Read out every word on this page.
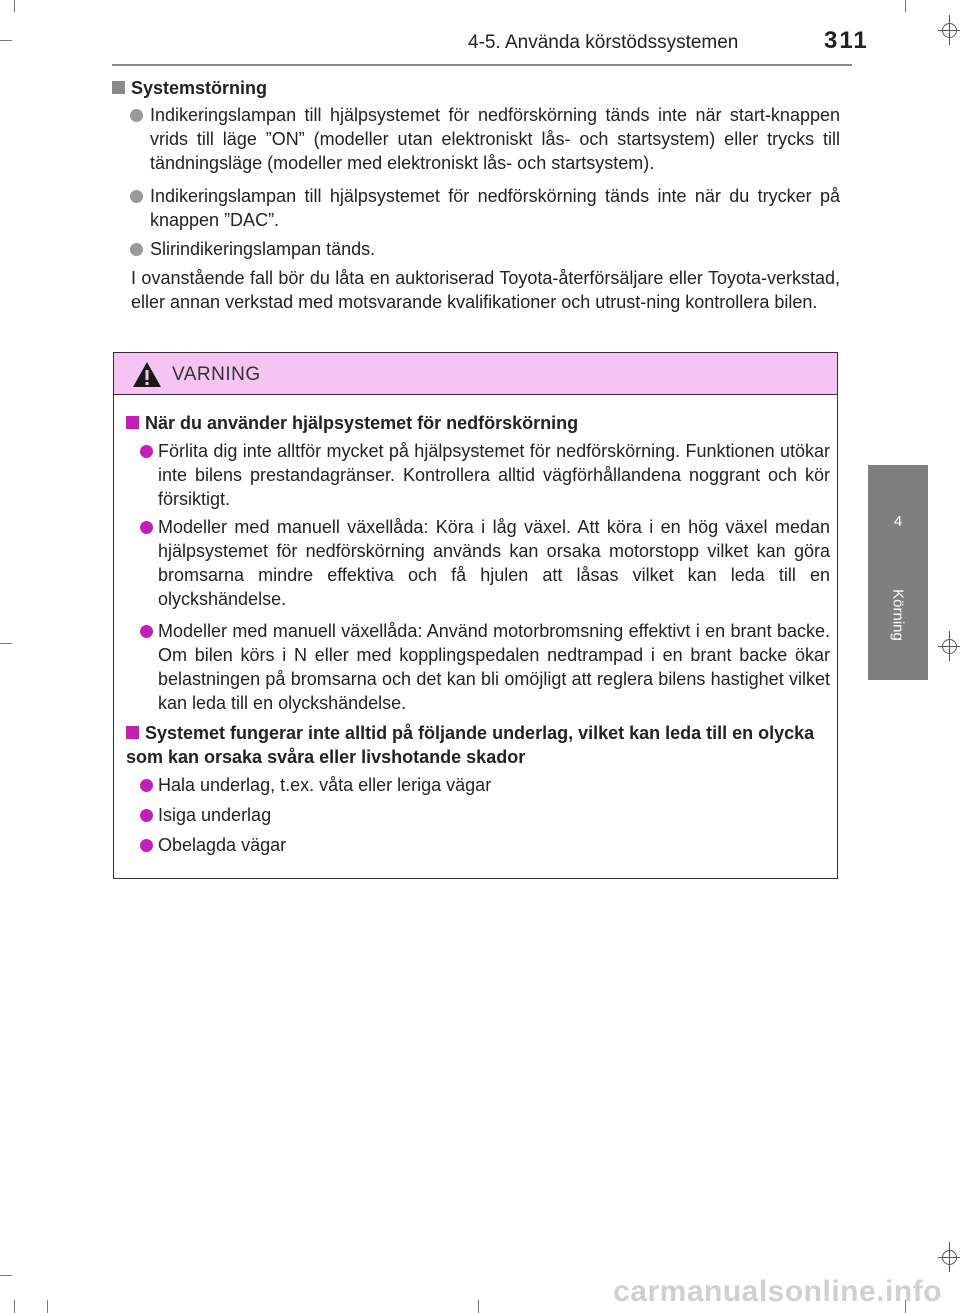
4-5. Använda körstödssystemen	311
4
Körning
Systemstörning
Indikeringslampan till hjälpsystemet för nedförskörning tänds inte när start-knappen vrids till läge ”ON” (modeller utan elektroniskt lås- och startsystem) eller trycks till tändningsläge (modeller med elektroniskt lås- och startsystem).
Indikeringslampan till hjälpsystemet för nedförskörning tänds inte när du trycker på knappen ”DAC”.
Slirindikeringslampan tänds.
I ovanstående fall bör du låta en auktoriserad Toyota-återförsäljare eller Toyota-verkstad, eller annan verkstad med motsvarande kvalifikationer och utrust-ning kontrollera bilen.
VARNING
När du använder hjälpsystemet för nedförskörning
Förlita dig inte alltför mycket på hjälpsystemet för nedförskörning. Funktionen utökar inte bilens prestandagränser. Kontrollera alltid vägförhållandena noggrant och kör försiktigt.
Modeller med manuell växellåda: Köra i låg växel. Att köra i en hög växel medan hjälpsystemet för nedförskörning används kan orsaka motorstopp vilket kan göra bromsarna mindre effektiva och få hjulen att låsas vilket kan leda till en olyckshändelse.
Modeller med manuell växellåda: Använd motorbromsning effektivt i en brant backe. Om bilen körs i N eller med kopplingspedalen nedtrampad i en brant backe ökar belastningen på bromsarna och det kan bli omöjligt att reglera bilens hastighet vilket kan leda till en olyckshändelse.
Systemet fungerar inte alltid på följande underlag, vilket kan leda till en olycka som kan orsaka svåra eller livshotande skador
Hala underlag, t.ex. våta eller leriga vägar
Isiga underlag
Obelagda vägar
carmanualsonline.info
